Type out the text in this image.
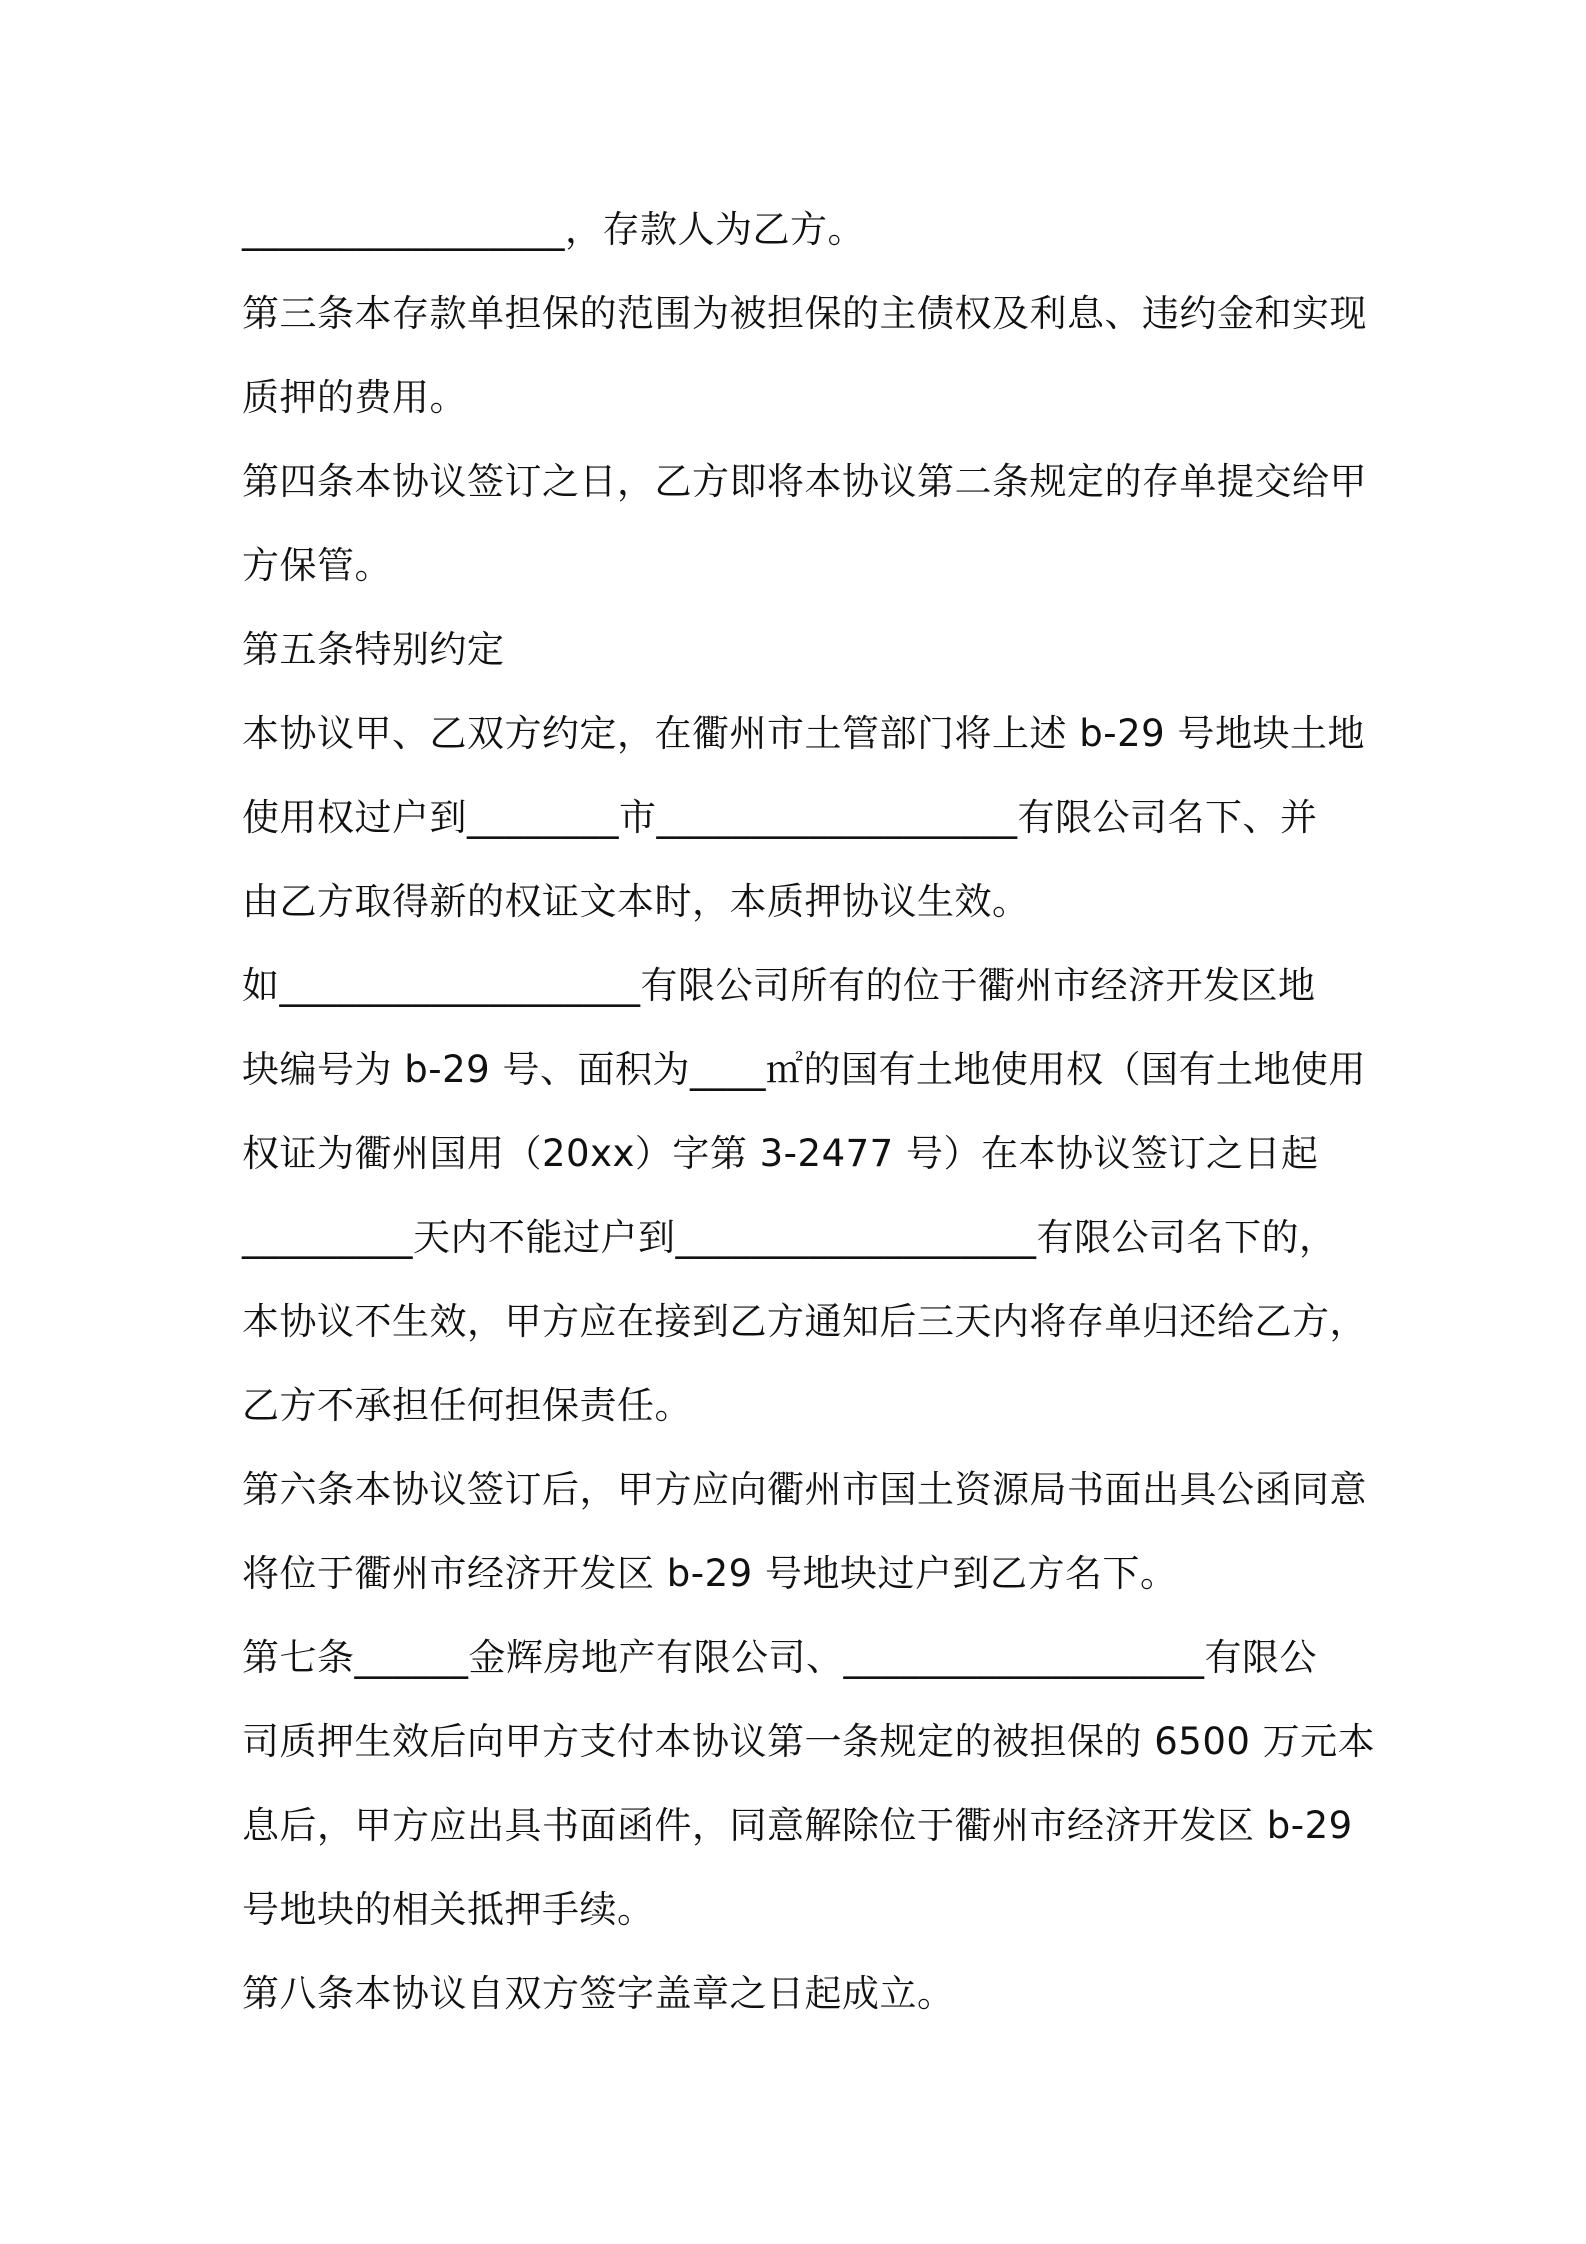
_________________，存款人为乙方。
第三条本存款单担保的范围为被担保的主债权及利息、违约金和实现
质押的费用。
第四条本协议签订之日，乙方即将本协议第二条规定的存单提交给甲
方保管。
第五条特别约定
本协议甲、乙双方约定，在衢州市土管部门将上述 b-29 号地块土地
使用权过户到________市___________________有限公司名下、并
由乙方取得新的权证文本时，本质押协议生效。
如___________________有限公司所有的位于衢州市经济开发区地
块编号为 b-29 号、面积为____㎡的国有土地使用权（国有土地使用
权证为衢州国用（20xx）字第 3-2477 号）在本协议签订之日起
_________天内不能过户到___________________有限公司名下的，
本协议不生效，甲方应在接到乙方通知后三天内将存单归还给乙方，
乙方不承担任何担保责任。
第六条本协议签订后，甲方应向衢州市国土资源局书面出具公函同意
将位于衢州市经济开发区 b-29 号地块过户到乙方名下。
第七条______金辉房地产有限公司、___________________有限公
司质押生效后向甲方支付本协议第一条规定的被担保的 6500 万元本
息后，甲方应出具书面函件，同意解除位于衢州市经济开发区 b-29
号地块的相关抵押手续。
第八条本协议自双方签字盖章之日起成立。
